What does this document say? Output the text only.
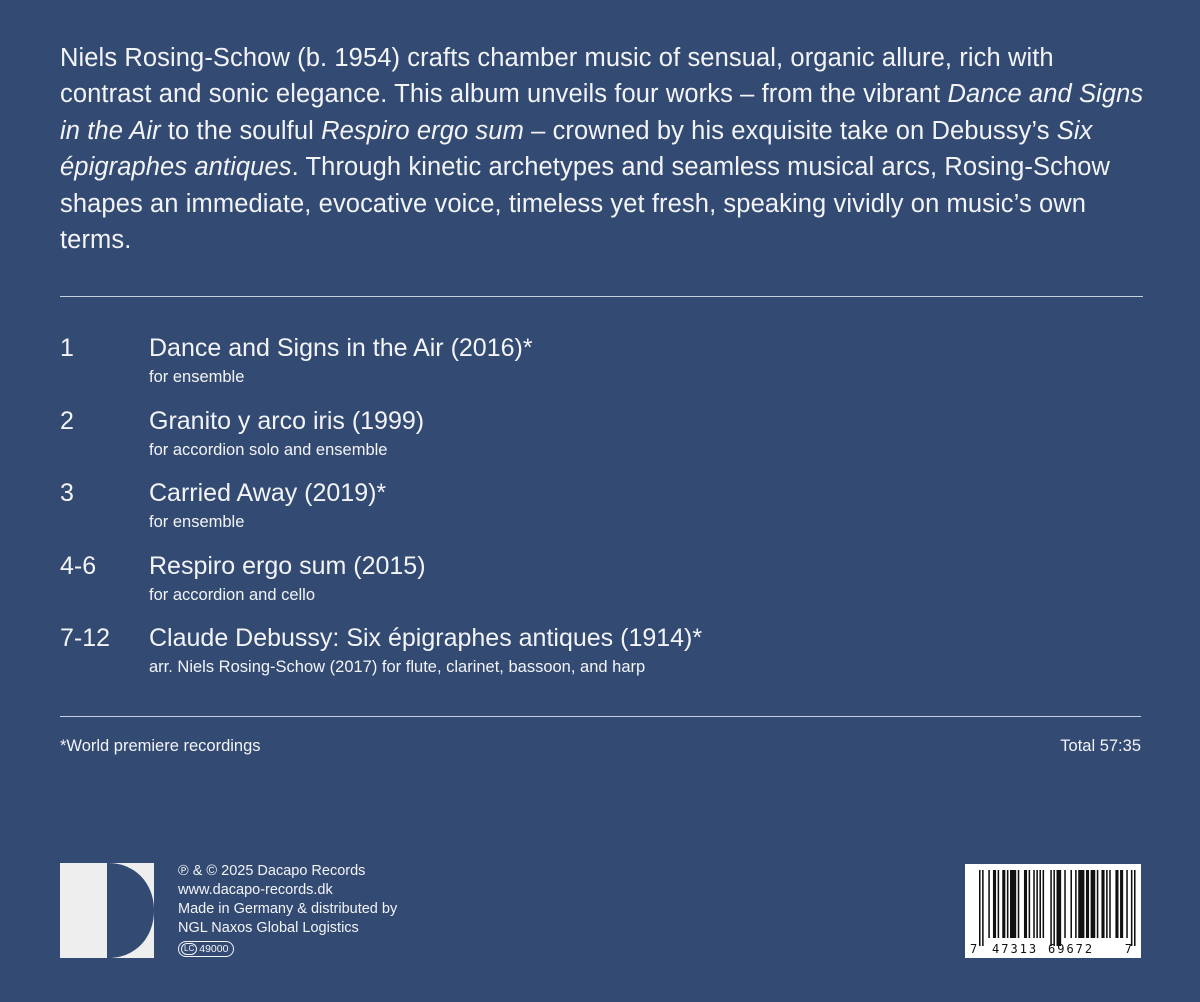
Niels Rosing-Schow (b. 1954) crafts chamber music of sensual, organic allure, rich with contrast and sonic elegance. This album unveils four works – from the vibrant Dance and Signs in the Air to the soulful Respiro ergo sum – crowned by his exquisite take on Debussy’s Six épigraphes antiques. Through kinetic archetypes and seamless musical arcs, Rosing-Schow shapes an immediate, evocative voice, timeless yet fresh, speaking vividly on music’s own terms.

1	Dance and Signs in the Air (2016)*
for ensemble
2	Granito y arco iris (1999)
for accordion solo and ensemble
3	Carried Away (2019)*
for ensemble
4-6 Respiro ergo sum (2015)
for accordion and cello
7-12 Claude Debussy: Six épigraphes antiques (1914)*
arr. Niels Rosing-Schow (2017) for flute, clarinet, bassoon, and harp
*World premiere recordings	Total 57:35
℗ & © 2025 Dacapo Records
www.dacapo-records.dk
Made in Germany & distributed by
NGL Naxos Global Logistics
LC 49000	7 47313 69672	7
